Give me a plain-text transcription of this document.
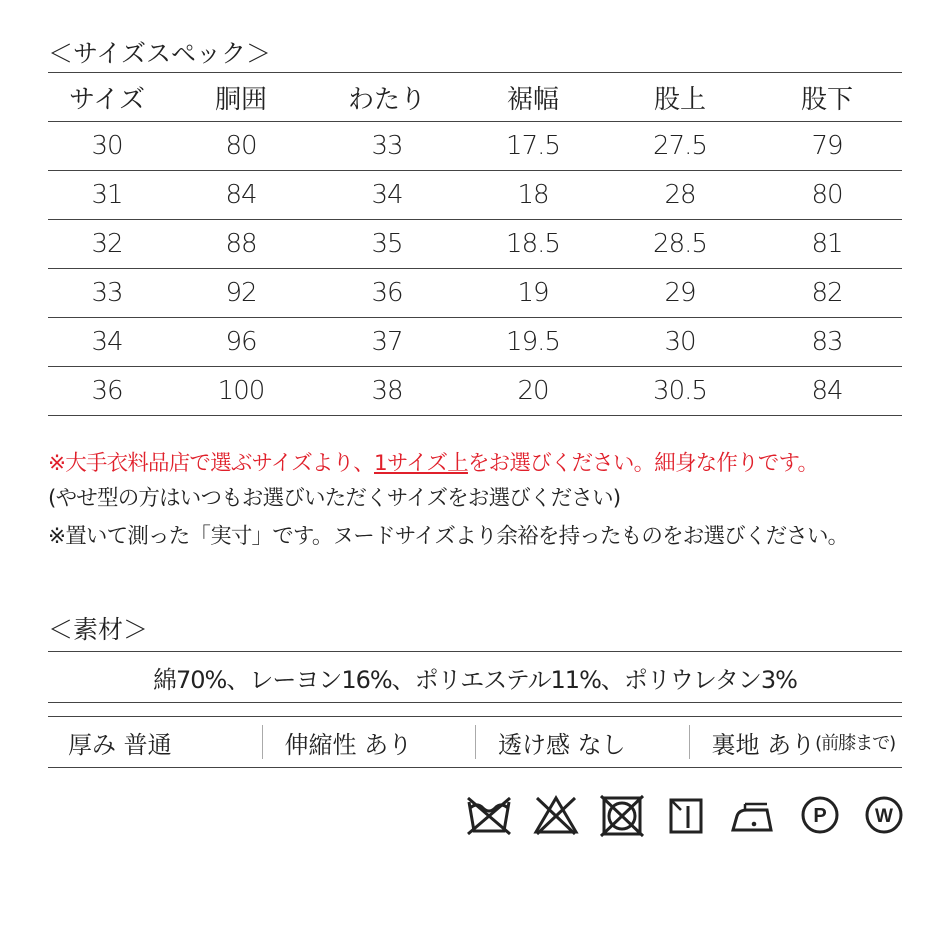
＜サイズスペック＞
サイズ	胴囲	わたり	裾幅	股上	股下
30	80	33	17.5	27.5	79
31	84	34	18	28	80
32	88	35	18.5	28.5	81
33	92	36	19	29	82
34	96	37	19.5	30	83
36	100	38	20	30.5	84
※大手衣料品店で選ぶサイズより、1サイズ上をお選びください。細身な作りです。
(やせ型の方はいつもお選びいただくサイズをお選びください)
※置いて測った「実寸」です。ヌードサイズより余裕を持ったものをお選びください。
＜素材＞
綿70%、レーヨン16%、ポリエステル11%、ポリウレタン3%
厚み 普通	伸縮性 あり	透け感 なし	裏地 あり (前膝まで)
P	W
